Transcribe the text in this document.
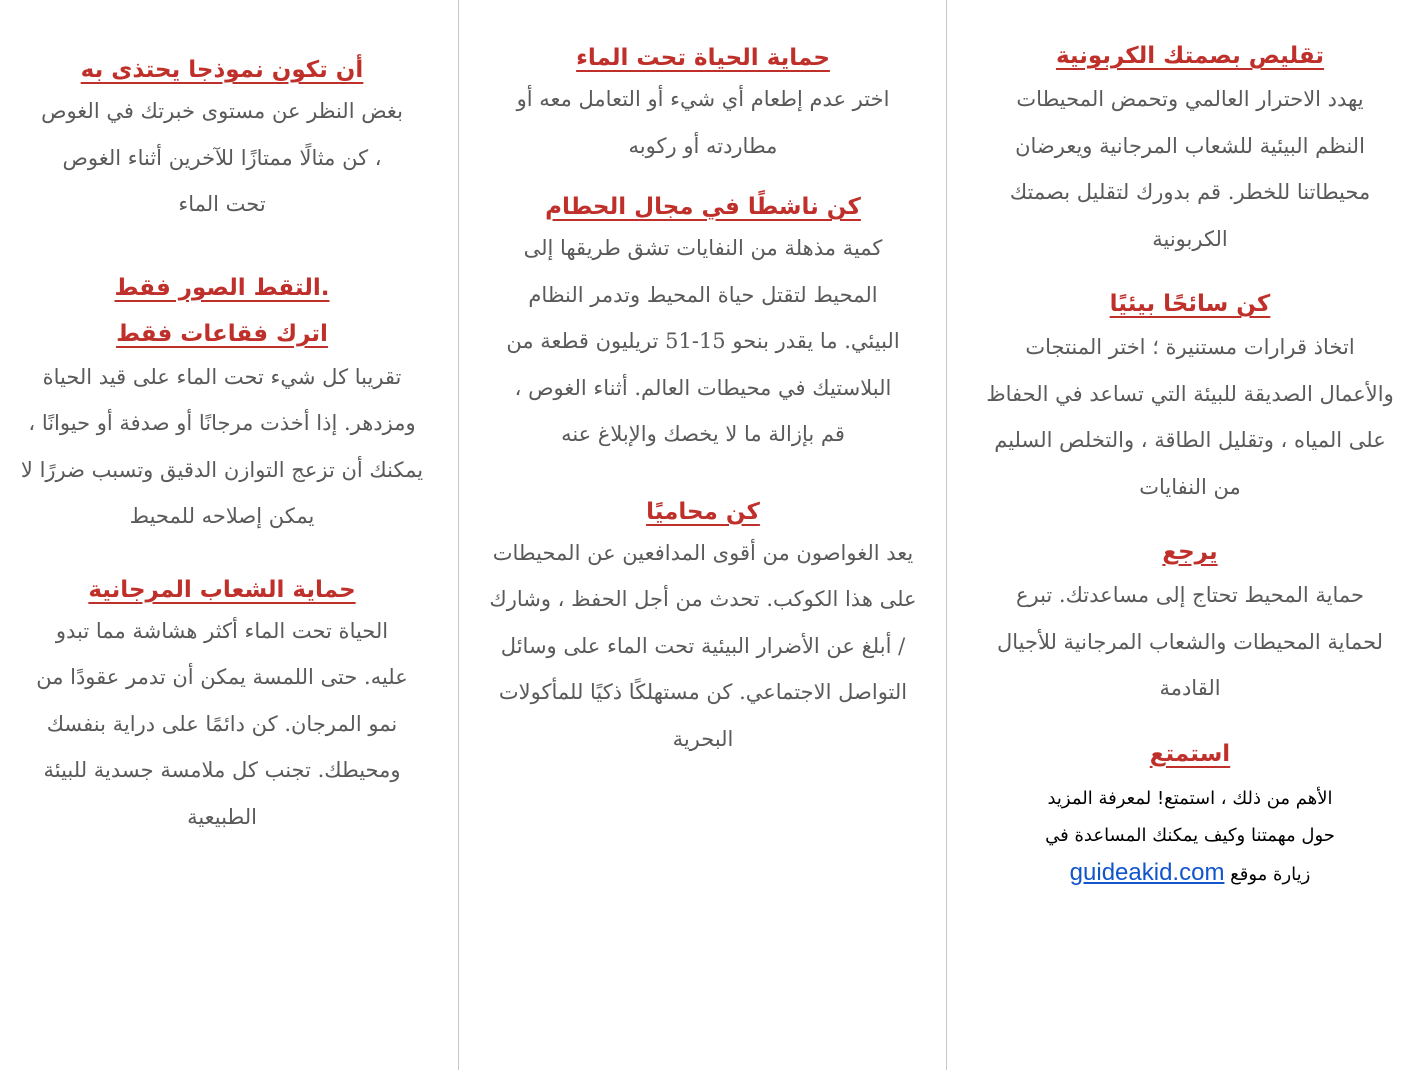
تقليص بصمتك الكربونية

يهدد الاحترار العالمي وتحمض المحيطات النظم البيئية للشعاب المرجانية ويعرضان محيطاتنا للخطر. قم بدورك لتقليل بصمتك الكربونية

كن سائحًا بيئيًا

اتخاذ قرارات مستنيرة ؛ اختر المنتجات والأعمال الصديقة للبيئة التي تساعد في الحفاظ على المياه ، وتقليل الطاقة ، والتخلص السليم من النفايات

يرجع

حماية المحيط تحتاج إلى مساعدتك. تبرع لحماية المحيطات والشعاب المرجانية للأجيال القادمة

استمتع

الأهم من ذلك ، استمتع! لمعرفة المزيد حول مهمتنا وكيف يمكنك المساعدة في زيارة موقع guideakid.com

حماية الحياة تحت الماء

اختر عدم إطعام أي شيء أو التعامل معه أو مطاردته أو ركوبه

كن ناشطًا في مجال الحطام

كمية مذهلة من النفايات تشق طريقها إلى المحيط لتقتل حياة المحيط وتدمر النظام البيئي. ما يقدر بنحو 15-51 تريليون قطعة من البلاستيك في محيطات العالم. أثناء الغوص ، قم بإزالة ما لا يخصك والإبلاغ عنه

كن محاميًا

يعد الغواصون من أقوى المدافعين عن المحيطات على هذا الكوكب. تحدث من أجل الحفظ ، وشارك / أبلغ عن الأضرار البيئية تحت الماء على وسائل التواصل الاجتماعي. كن مستهلكًا ذكيًا للمأكولات البحرية

أن تكون نموذجا يحتذى به

بغض النظر عن مستوى خبرتك في الغوص ، كن مثالًا ممتازًا للآخرين أثناء الغوص تحت الماء

.التقط الصور فقط

اترك فقاعات فقط

تقريبا كل شيء تحت الماء على قيد الحياة ومزدهر. إذا أخذت مرجانًا أو صدفة أو حيوانًا ، يمكنك أن تزعج التوازن الدقيق وتسبب ضررًا لا يمكن إصلاحه للمحيط

حماية الشعاب المرجانية

الحياة تحت الماء أكثر هشاشة مما تبدو عليه. حتى اللمسة يمكن أن تدمر عقودًا من نمو المرجان. كن دائمًا على دراية بنفسك ومحيطك. تجنب كل ملامسة جسدية للبيئة الطبيعية
